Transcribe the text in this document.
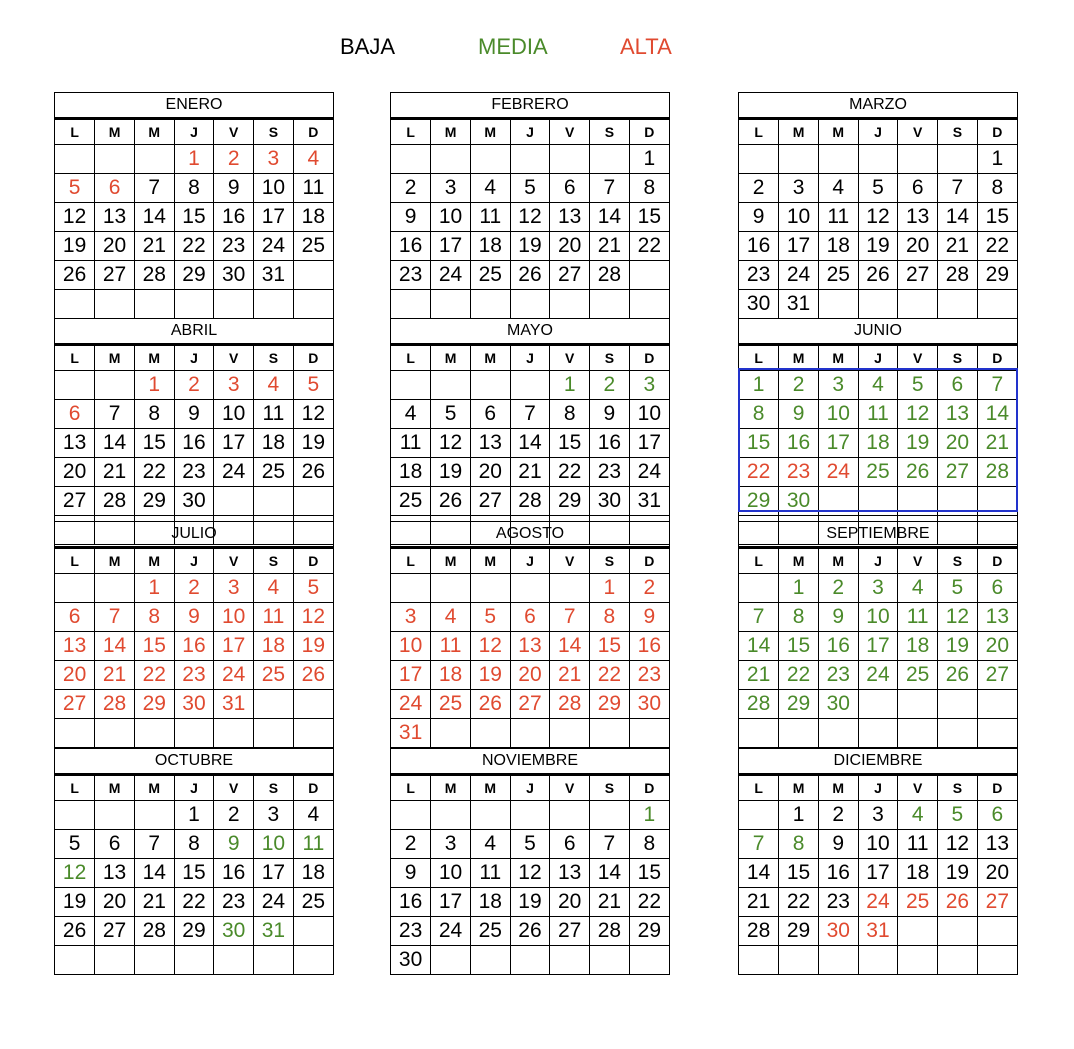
BAJA	MEDIA	ALTA
ENERO
L	M	M	J	V	S	D
			1	2	3	4
5	6	7	8	9	10	11
12	13	14	15	16	17	18
19	20	21	22	23	24	25
26	27	28	29	30	31	

FEBRERO
L	M	M	J	V	S	D
						1
2	3	4	5	6	7	8
9	10	11	12	13	14	15
16	17	18	19	20	21	22
23	24	25	26	27	28	

MARZO
L	M	M	J	V	S	D
						1
2	3	4	5	6	7	8
9	10	11	12	13	14	15
16	17	18	19	20	21	22
23	24	25	26	27	28	29
30	31					
ABRIL
L	M	M	J	V	S	D
		1	2	3	4	5
6	7	8	9	10	11	12
13	14	15	16	17	18	19
20	21	22	23	24	25	26
27	28	29	30			

MAYO
L	M	M	J	V	S	D
				1	2	3
4	5	6	7	8	9	10
11	12	13	14	15	16	17
18	19	20	21	22	23	24
25	26	27	28	29	30	31

JUNIO
L	M	M	J	V	S	D
1	2	3	4	5	6	7
8	9	10	11	12	13	14
15	16	17	18	19	20	21
22	23	24	25	26	27	28
29	30					

JULIO
L	M	M	J	V	S	D
		1	2	3	4	5
6	7	8	9	10	11	12
13	14	15	16	17	18	19
20	21	22	23	24	25	26
27	28	29	30	31		

AGOSTO
L	M	M	J	V	S	D
					1	2
3	4	5	6	7	8	9
10	11	12	13	14	15	16
17	18	19	20	21	22	23
24	25	26	27	28	29	30
31						
SEPTIEMBRE
L	M	M	J	V	S	D
	1	2	3	4	5	6
7	8	9	10	11	12	13
14	15	16	17	18	19	20
21	22	23	24	25	26	27
28	29	30				

OCTUBRE
L	M	M	J	V	S	D
			1	2	3	4
5	6	7	8	9	10	11
12	13	14	15	16	17	18
19	20	21	22	23	24	25
26	27	28	29	30	31	

NOVIEMBRE
L	M	M	J	V	S	D
						1
2	3	4	5	6	7	8
9	10	11	12	13	14	15
16	17	18	19	20	21	22
23	24	25	26	27	28	29
30						
DICIEMBRE
L	M	M	J	V	S	D
	1	2	3	4	5	6
7	8	9	10	11	12	13
14	15	16	17	18	19	20
21	22	23	24	25	26	27
28	29	30	31			
